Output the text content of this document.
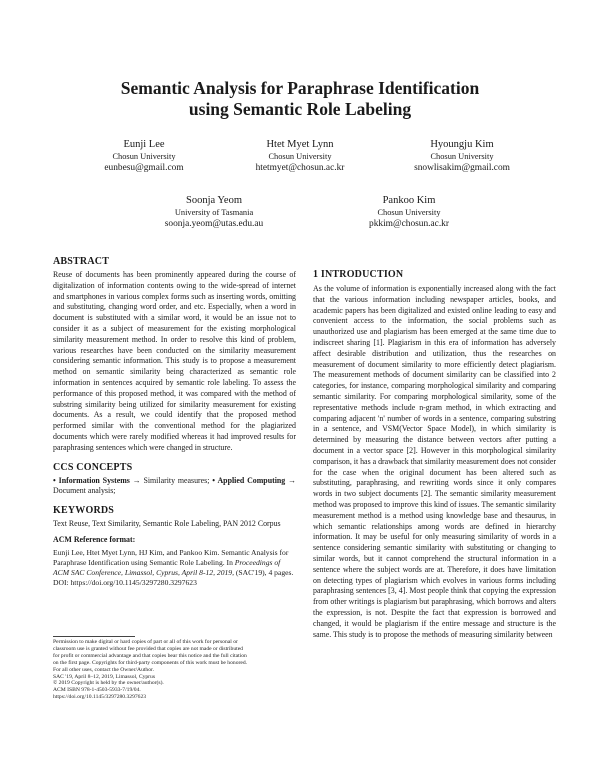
Semantic Analysis for Paraphrase Identification
using Semantic Role Labeling
Eunji Lee
Chosun University
eunbesu@gmail.com
Htet Myet Lynn
Chosun University
htetmyet@chosun.ac.kr
Hyoungju Kim
Chosun University
snowlisakim@gmail.com
Soonja Yeom
University of Tasmania
soonja.yeom@utas.edu.au
Pankoo Kim
Chosun University
pkkim@chosun.ac.kr
ABSTRACT
Reuse of documents has been prominently appeared during the course of digitalization of information contents owing to the wide-spread of internet and smartphones in various complex forms such as inserting words, omitting and substituting, changing word order, and etc. Especially, when a word in document is substituted with a similar word, it would be an issue not to consider it as a subject of measurement for the existing morphological similarity measurement method. In order to resolve this kind of problem, various researches have been conducted on the similarity measurement considering semantic information. This study is to propose a measurement method on semantic similarity being characterized as semantic role information in sentences acquired by semantic role labeling. To assess the performance of this proposed method, it was compared with the method of substring similarity being utilized for similarity measurement for existing documents. As a result, we could identify that the proposed method performed similar with the conventional method for the plagiarized documents which were rarely modified whereas it had improved results for paraphrasing sentences which were changed in structure.
CCS CONCEPTS
• Information Systems → Similarity measures; • Applied Computing → Document analysis;
KEYWORDS
Text Reuse, Text Similarity, Semantic Role Labeling, PAN 2012 Corpus
ACM Reference format:
Eunji Lee, Htet Myet Lynn, HJ Kim, and Pankoo Kim. Semantic Analysis for Paraphrase Identification using Semantic Role Labeling. In Proceedings of ACM SAC Conference, Limassol, Cyprus, April 8-12, 2019, (SAC'19), 4 pages. DOI: https://doi.org/10.1145/3297280.3297623
Permission to make digital or hard copies of part or all of this work for personal or
classroom use is granted without fee provided that copies are not made or distributed
for profit or commercial advantage and that copies bear this notice and the full citation
on the first page. Copyrights for third-party components of this work must be honored.
For all other uses, contact the Owner/Author.
SAC '19, April 8–12, 2019, Limassol, Cyprus
© 2019 Copyright is held by the owner/author(s).
ACM ISBN 978-1-4503-5933-7/19/04.
https://doi.org/10.1145/3297280.3297623
1 INTRODUCTION
As the volume of information is exponentially increased along with the fact that the various information including newspaper articles, books, and academic papers has been digitalized and existed online leading to easy and convenient access to the information, the social problems such as unauthorized use and plagiarism has been emerged at the same time due to indiscreet sharing [1]. Plagiarism in this era of information has adversely affect desirable distribution and utilization, thus the researches on measurement of document similarity to more efficiently detect plagiarism. The measurement methods of document similarity can be classified into 2 categories, for instance, comparing morphological similarity and comparing semantic similarity. For comparing morphological similarity, some of the representative methods include n-gram method, in which extracting and comparing adjacent 'n' number of words in a sentence, comparing substring in a sentence, and VSM(Vector Space Model), in which similarity is determined by measuring the distance between vectors after putting a document in a vector space [2]. However in this morphological similarity comparison, it has a drawback that similarity measurement does not consider for the case when the original document has been altered such as substituting, paraphrasing, and rewriting words since it only compares words in two subject documents [2]. The semantic similarity measurement method was proposed to improve this kind of issues. The semantic similarity measurement method is a method using knowledge base and thesaurus, in which semantic relationships among words are defined in hierarchy information. It may be useful for only measuring similarity of words in a sentence considering semantic similarity with substituting or changing to similar words, but it cannot comprehend the structural information in a sentence where the subject words are at. Therefore, it does have limitation on detecting types of plagiarism which evolves in various forms including paraphrasing sentences [3, 4]. Most people think that copying the expression from other writings is plagiarism but paraphrasing, which borrows and alters the expression, is not. Despite the fact that expression is borrowed and changed, it would be plagiarism if the entire message and structure is the same. This study is to propose the methods of measuring similarity between
